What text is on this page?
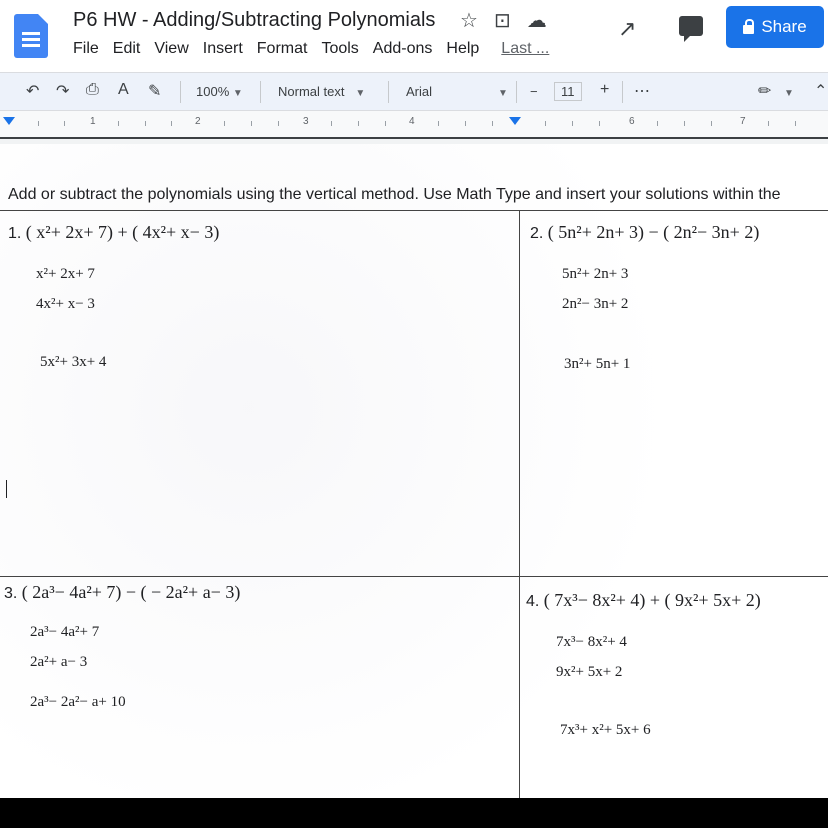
P6 HW - Adding/Subtracting Polynomials ☆ ⊡ ☁
File Edit View Insert Format Tools Add-ons Help Last ...
↗	Share
↶ ↷ ⎙ A ✎	100% ▼	Normal text ▼	Arial	▼ −	11	+ ⋯	✏ ▼ ⌃
1	2	3	4	6	7
Add or subtract the polynomials using the vertical method. Use Math Type and insert your solutions within the
1. ( x²+ 2x+ 7) + ( 4x²+ x− 3)
x²+ 2x+ 7
4x²+ x− 3
5x²+ 3x+ 4
2. ( 5n²+ 2n+ 3) − ( 2n²− 3n+ 2)
5n²+ 2n+ 3
2n²− 3n+ 2
3n²+ 5n+ 1
3. ( 2a³− 4a²+ 7) − ( − 2a²+ a− 3)
2a³− 4a²+ 7
2a²+ a− 3
2a³− 2a²− a+ 10
4. ( 7x³− 8x²+ 4) + ( 9x²+ 5x+ 2)
7x³− 8x²+ 4
9x²+ 5x+ 2
7x³+ x²+ 5x+ 6
